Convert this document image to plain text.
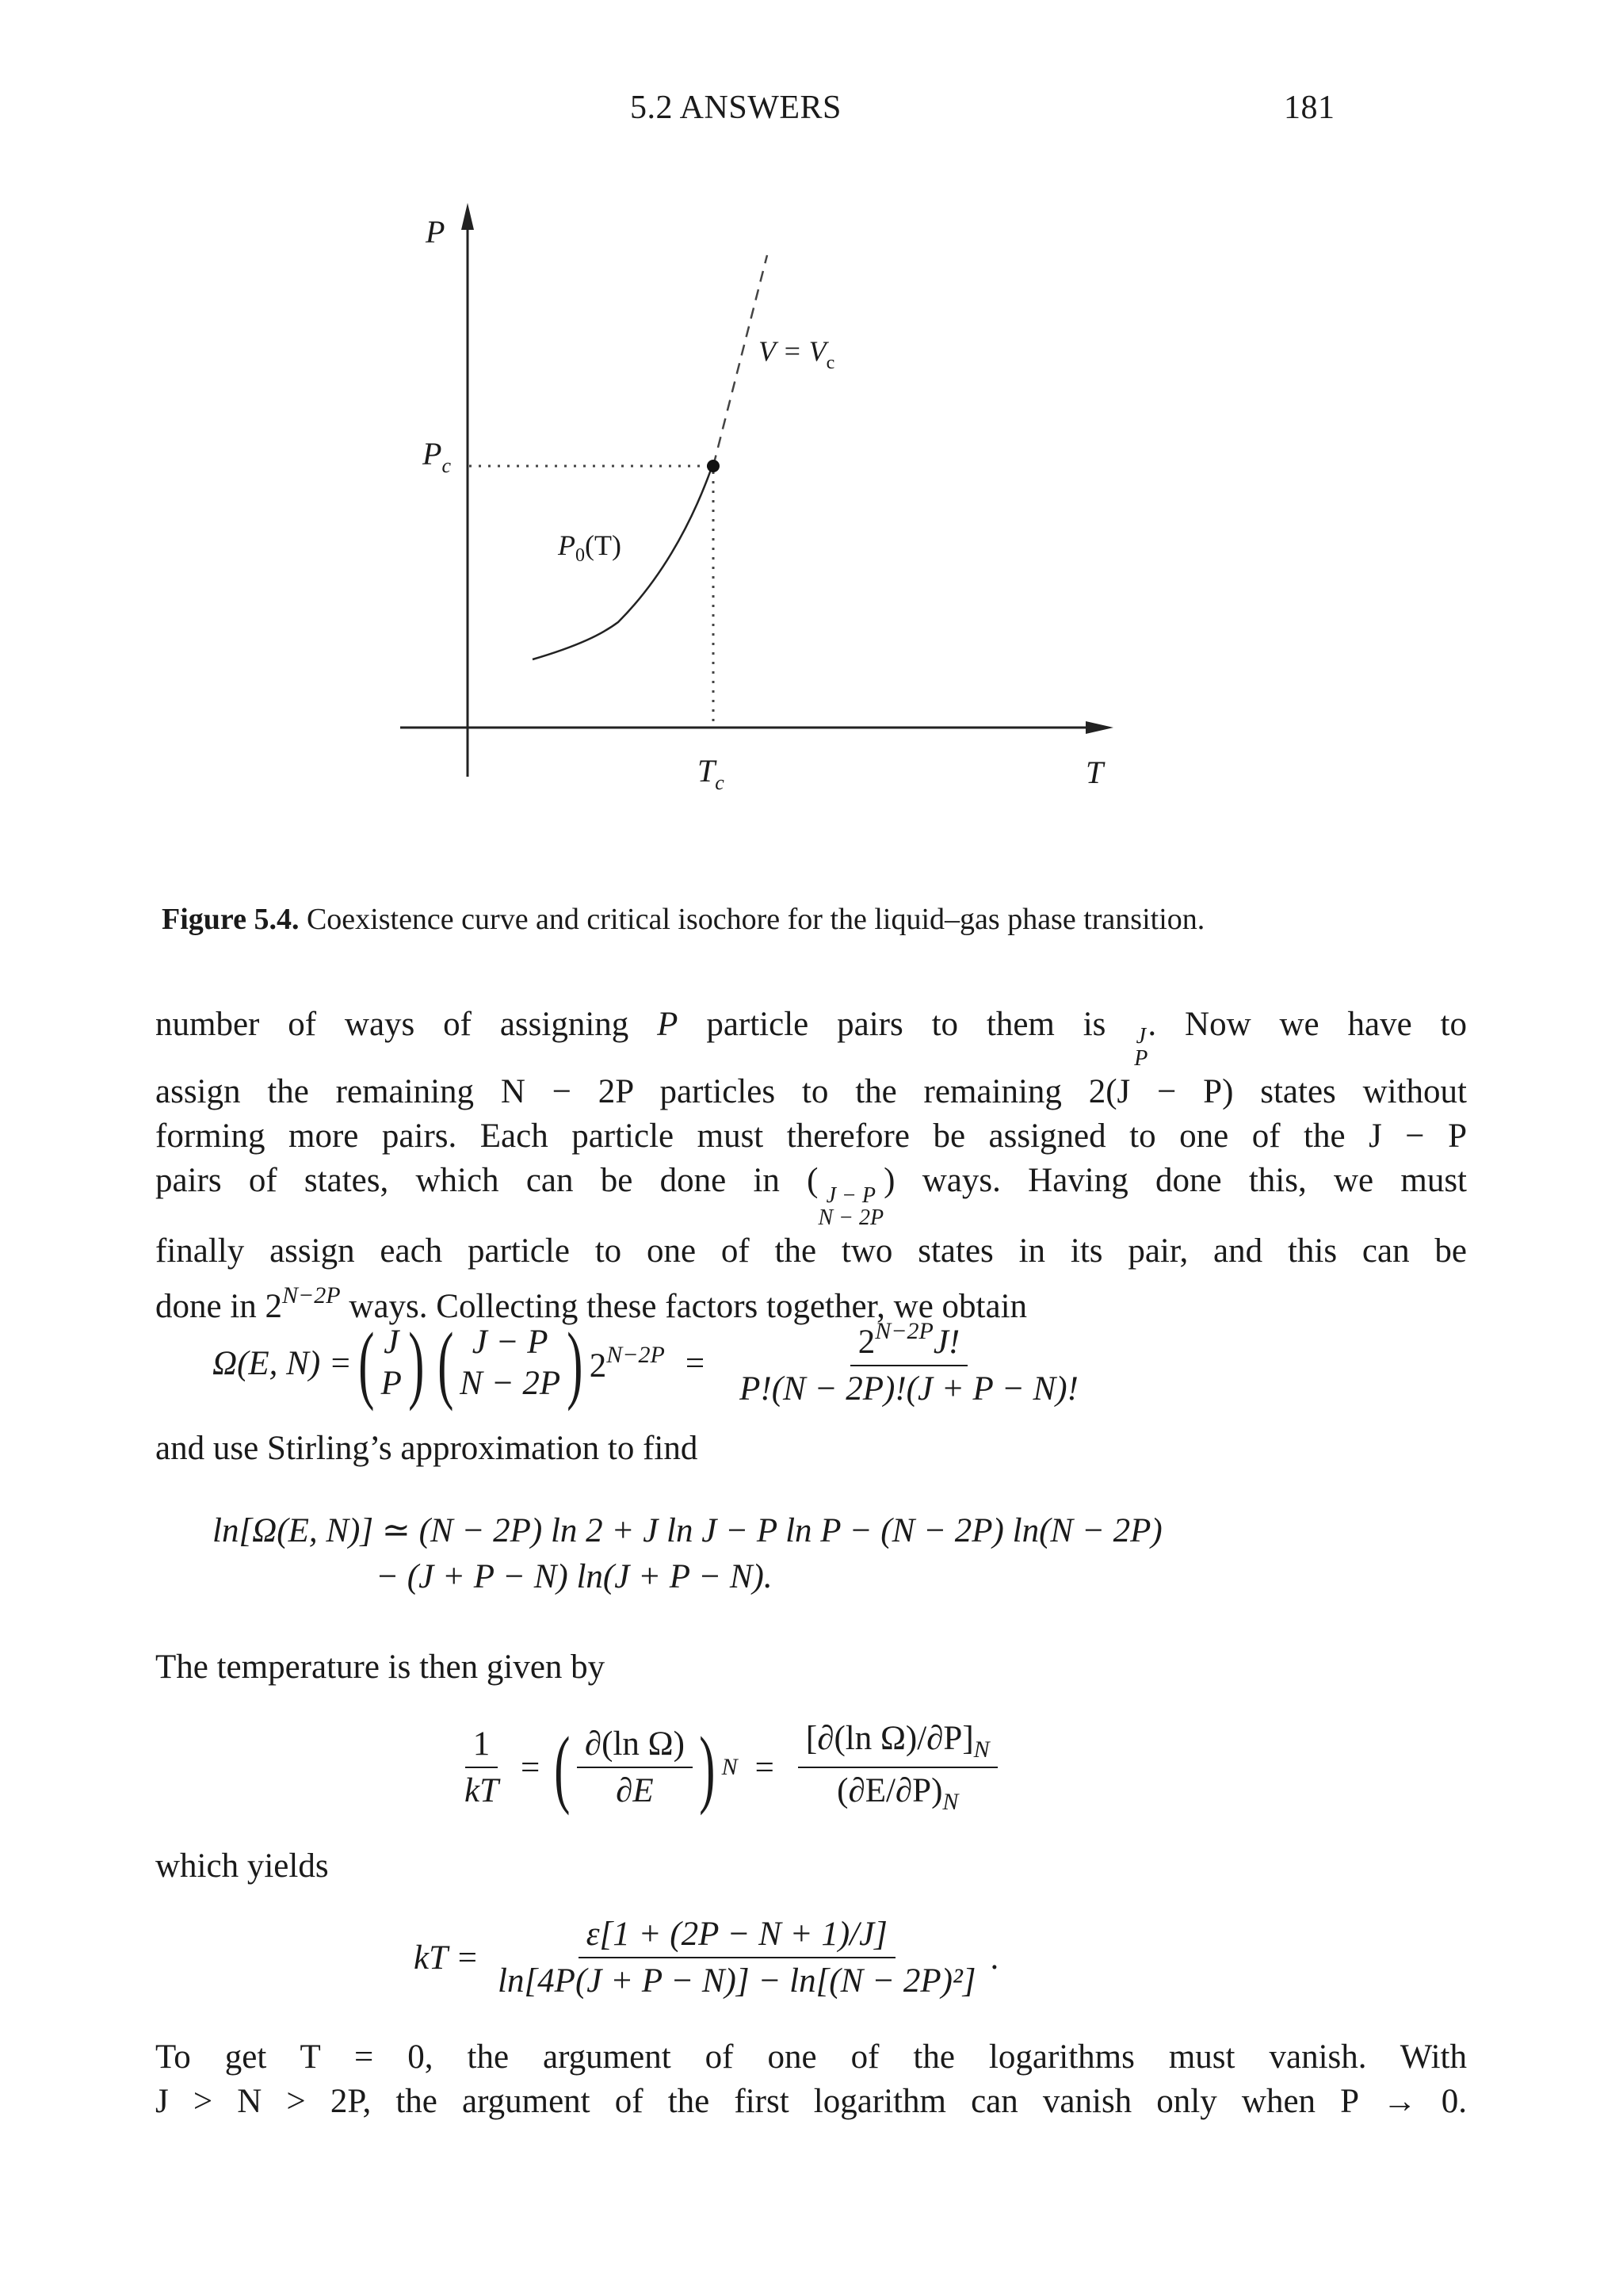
5.2 ANSWERS	181
P
T
$P_c$
$T_c$
$P_0(T)$
$V = V_c$
Figure 5.4. Coexistence curve and critical isochore for the liquid–gas phase transition.
number of ways of assigning P particle pairs to them is J
P
. Now we have to
assign the remaining N − 2P particles to the remaining 2(J − P) states without
forming more pairs. Each particle must therefore be assigned to one of the J − P
pairs of states, which can be done in ( J − P
N − 2P
) ways. Having done this, we must
finally assign each particle to one of the two states in its pair, and this can be
done in $2^{N-2P}$ ways. Collecting these factors together, we obtain
Ω(E, N) = ( J
P ) ( J − P
N − 2P ) $2^{N-2P} = \frac{2^{N-2P}J!}{P!(N - 2P)!(J + P - N)!}$
and use Stirling’s approximation to find
ln[Ω(E, N)] ≃ (N − 2P) ln 2 + J ln J − P ln P − (N − 2P) ln(N − 2P)
− (J + P − N) ln(J + P − N).
The temperature is then given by
$\frac{1}{kT}$ = ( $\frac{\text{∂(ln Ω)}}{\partial E}$ ) $N = \frac{[\partial(\ln \Omega)/\partial P]_N}{(\partial E/\partial P)_N}$
which yields
kT = $\frac{\varepsilon[1 + (2P - N + 1)/J]}{\text{ln[4P(J + P − N)] − ln[(N − 2P)²]}}$ .
To get T = 0, the argument of one of the logarithms must vanish. With
J > N > 2P, the argument of the first logarithm can vanish only when P → 0.
